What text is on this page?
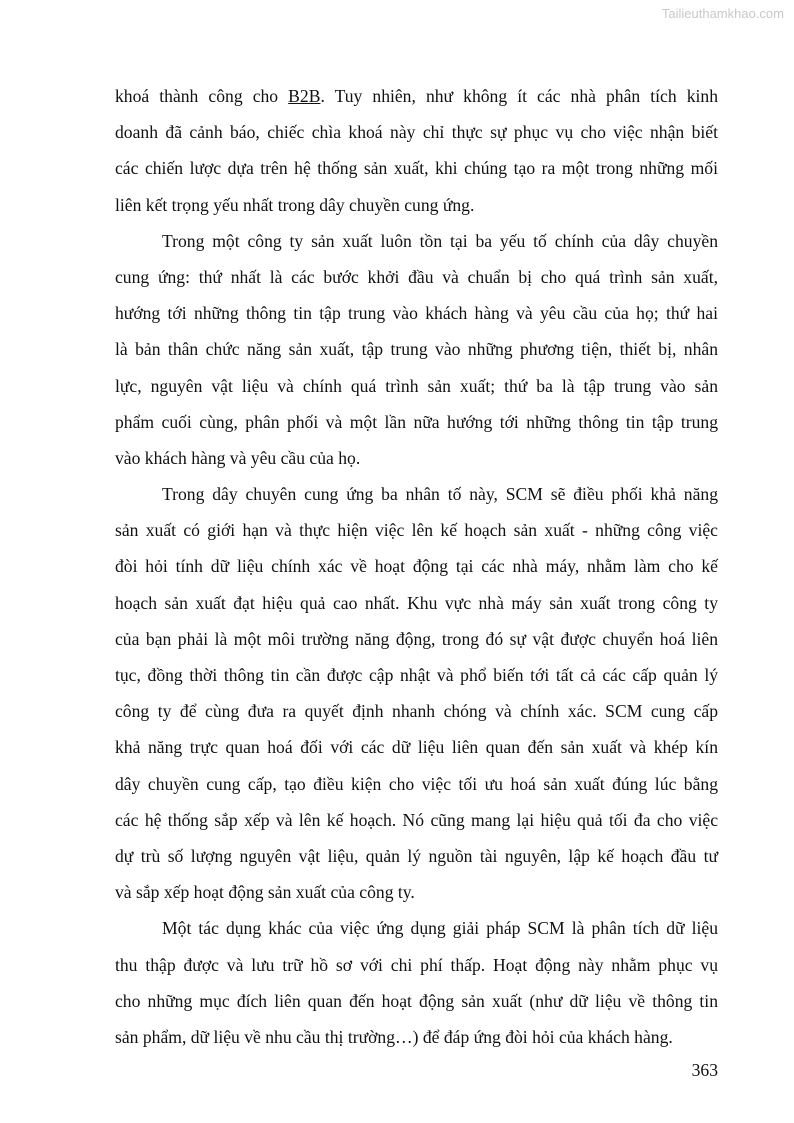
Tailieuthamkhao.com
khoá thành công cho B2B. Tuy nhiên, như không ít các nhà phân tích kinh
doanh đã cảnh báo, chiếc chìa khoá này chỉ thực sự phục vụ cho việc nhận biết
các chiến lược dựa trên hệ thống sản xuất, khi chúng tạo ra một trong những mối
liên kết trọng yếu nhất trong dây chuyền cung ứng.
Trong một công ty sản xuất luôn tồn tại ba yếu tố chính của dây chuyền
cung ứng: thứ nhất là các bước khởi đầu và chuẩn bị cho quá trình sản xuất,
hướng tới những thông tin tập trung vào khách hàng và yêu cầu của họ; thứ hai
là bản thân chức năng sản xuất, tập trung vào những phương tiện, thiết bị, nhân
lực, nguyên vật liệu và chính quá trình sản xuất; thứ ba là tập trung vào sản
phẩm cuối cùng, phân phối và một lần nữa hướng tới những thông tin tập trung
vào khách hàng và yêu cầu của họ.
Trong dây chuyên cung ứng ba nhân tố này, SCM sẽ điều phối khả năng
sản xuất có giới hạn và thực hiện việc lên kế hoạch sản xuất - những công việc
đòi hỏi tính dữ liệu chính xác về hoạt động tại các nhà máy, nhằm làm cho kế
hoạch sản xuất đạt hiệu quả cao nhất. Khu vực nhà máy sản xuất trong công ty
của bạn phải là một môi trường năng động, trong đó sự vật được chuyển hoá liên
tục, đồng thời thông tin cần được cập nhật và phổ biến tới tất cả các cấp quản lý
công ty để cùng đưa ra quyết định nhanh chóng và chính xác. SCM cung cấp
khả năng trực quan hoá đối với các dữ liệu liên quan đến sản xuất và khép kín
dây chuyền cung cấp, tạo điều kiện cho việc tối ưu hoá sản xuất đúng lúc bằng
các hệ thống sắp xếp và lên kế hoạch. Nó cũng mang lại hiệu quả tối đa cho việc
dự trù số lượng nguyên vật liệu, quản lý nguồn tài nguyên, lập kế hoạch đầu tư
và sắp xếp hoạt động sản xuất của công ty.
Một tác dụng khác của việc ứng dụng giải pháp SCM là phân tích dữ liệu
thu thập được và lưu trữ hồ sơ với chi phí thấp. Hoạt động này nhằm phục vụ
cho những mục đích liên quan đến hoạt động sản xuất (như dữ liệu về thông tin
sản phẩm, dữ liệu về nhu cầu thị trường…) để đáp ứng đòi hỏi của khách hàng.
363
